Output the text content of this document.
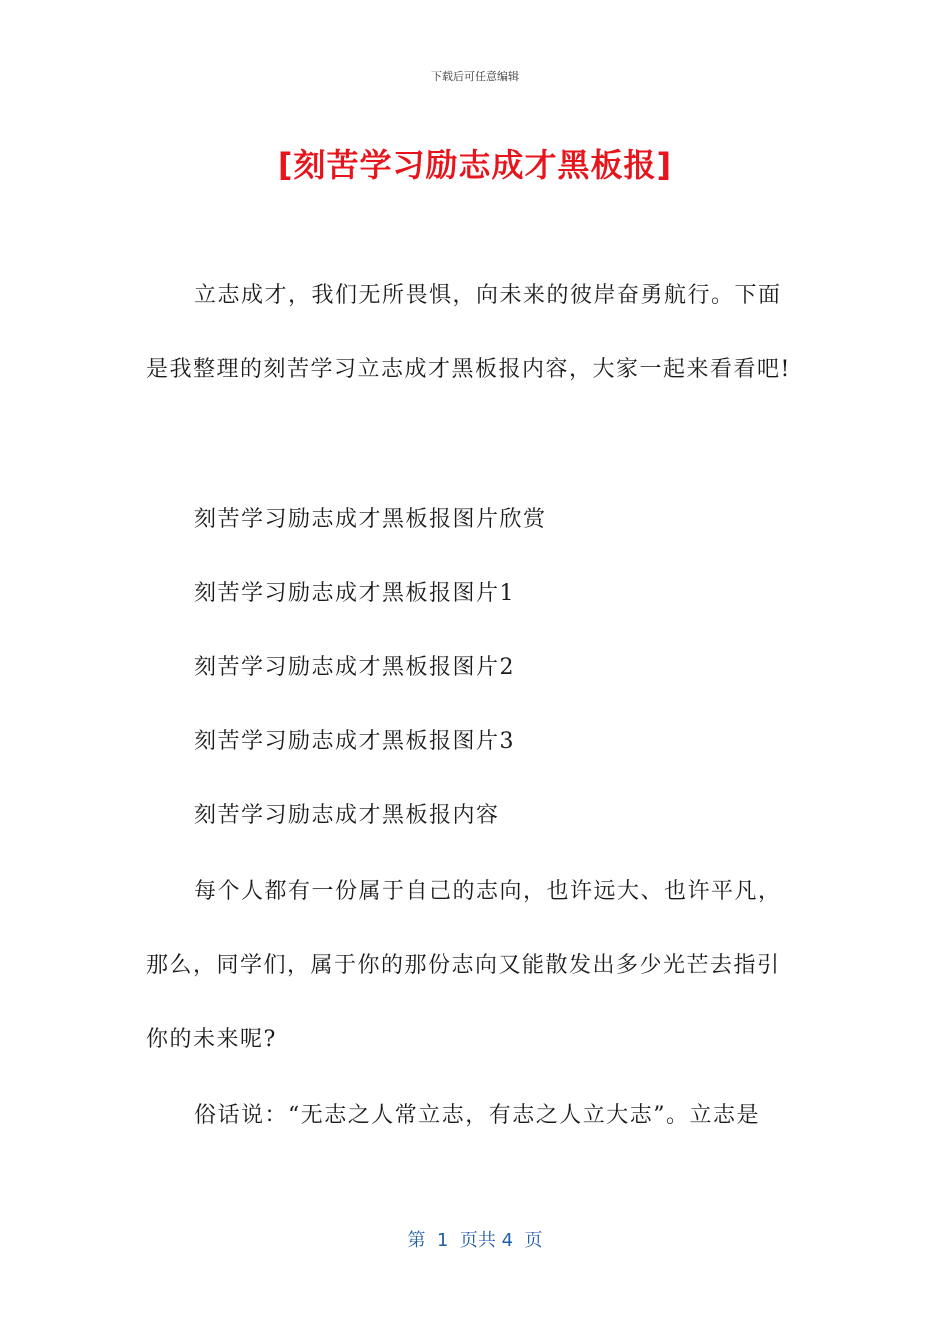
下载后可任意编辑
[刻苦学习励志成才黑板报]
立志成才，我们无所畏惧，向未来的彼岸奋勇航行。下面
是我整理的刻苦学习立志成才黑板报内容，大家一起来看看吧!
刻苦学习励志成才黑板报图片欣赏
刻苦学习励志成才黑板报图片1
刻苦学习励志成才黑板报图片2
刻苦学习励志成才黑板报图片3
刻苦学习励志成才黑板报内容
每个人都有一份属于自己的志向，也许远大、也许平凡，
那么，同学们，属于你的那份志向又能散发出多少光芒去指引
你的未来呢?
俗话说：“无志之人常立志，有志之人立大志”。立志是
第  1  页共 4  页
